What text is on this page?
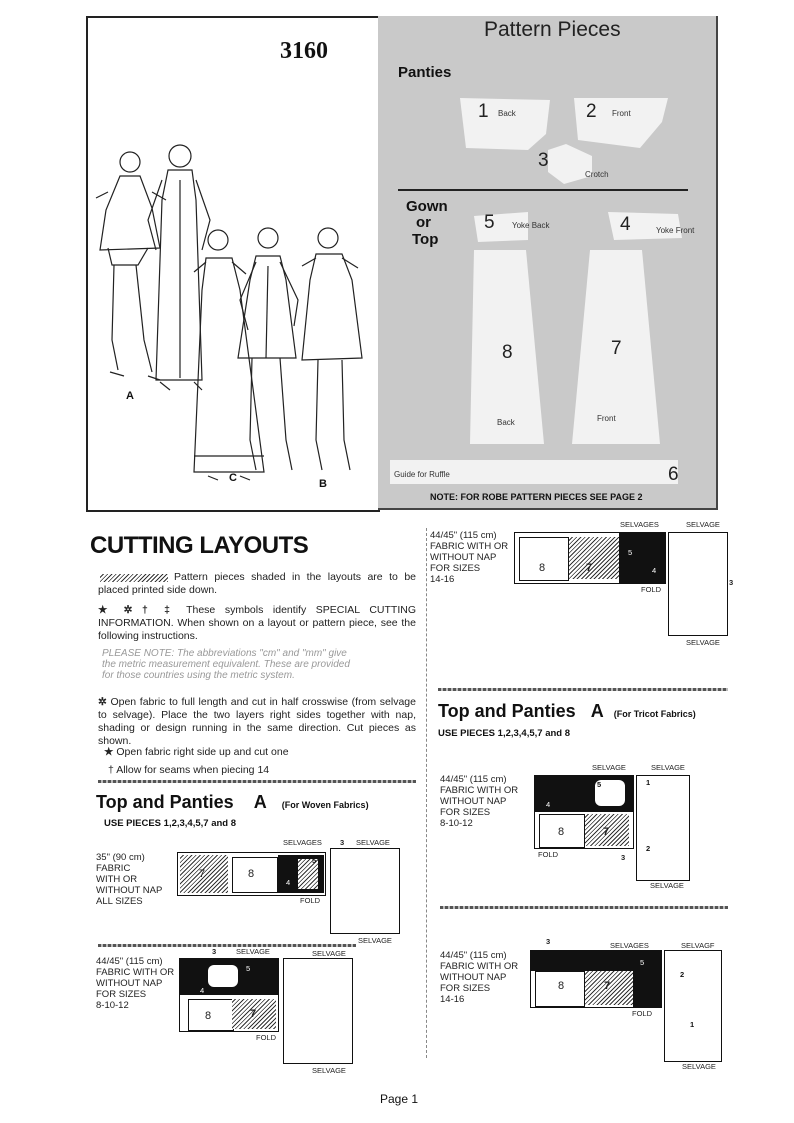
3160
A
C	B
Pattern Pieces
Panties
1 Back	2 Front
3
Crotch
Gown
or
Top
5 Yoke Back	4	Yoke Front
8
Back
7
Front
Guide for Ruffle	6
NOTE: FOR ROBE PATTERN PIECES SEE PAGE 2
CUTTING LAYOUTS
Pattern pieces shaded in the layouts are to be placed printed side down.
★ ✲ † ‡ These symbols identify SPECIAL CUTTING INFORMATION. When shown on a layout or pattern piece, see the following instructions.
PLEASE NOTE: The abbreviations "cm" and "mm" give the metric measurement equivalent. These are provided for those countries using the metric system.
✲ Open fabric to full length and cut in half crosswise (from selvage to selvage). Place the two layers right sides together with nap, shading or design running in the same direction. Cut pieces as shown.
★ Open fabric right side up and cut one
† Allow for seams when piecing 14
Top and Panties A (For Woven Fabrics)
USE PIECES 1,2,3,4,5,7 and 8
35" (90 cm)
FABRIC
WITH OR
WITHOUT NAP
ALL SIZES
7	8
4
5
SELVAGES
FOLD
3 SELVAGE
SELVAGE
44/45" (115 cm)
FABRIC WITH OR
WITHOUT NAP
FOR SIZES
8-10-12
3	SELVAGE	SELVAGE
8	7
5
4
FOLD
SELVAGE
44/45" (115 cm)
FABRIC WITH OR
WITHOUT NAP
FOR SIZES
14-16
SELVAGES	SELVAGE
8	7
5
4
FOLD
3
SELVAGE
Top and Panties A (For Tricot Fabrics)
USE PIECES 1,2,3,4,5,7 and 8
44/45" (115 cm)
FABRIC WITH OR
WITHOUT NAP
FOR SIZES
8-10-12
SELVAGE	SELVAGE
8	7
5
4
FOLD	3
1
2
SELVAGE
44/45" (115 cm)
FABRIC WITH OR
WITHOUT NAP
FOR SIZES
14-16
3	SELVAGES	SELVAGF
8	7
5
FOLD
2
1
SELVAGE
Page 1
